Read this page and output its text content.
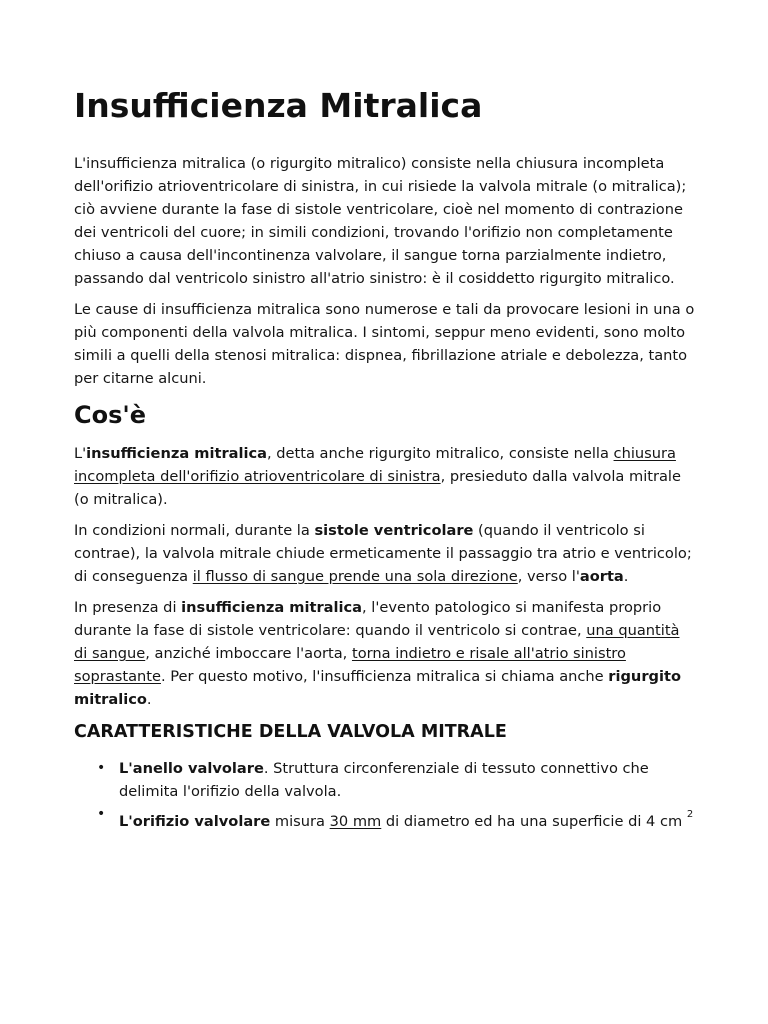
Insufficienza Mitralica

L'insufficienza mitralica (o rigurgito mitralico) consiste nella chiusura incompleta dell'orifizio atrioventricolare di sinistra, in cui risiede la valvola mitrale (o mitralica); ciò avviene durante la fase di sistole ventricolare, cioè nel momento di contrazione dei ventricoli del cuore; in simili condizioni, trovando l'orifizio non completamente chiuso a causa dell'incontinenza valvolare, il sangue torna parzialmente indietro, passando dal ventricolo sinistro all'atrio sinistro: è il cosiddetto rigurgito mitralico.

Le cause di insufficienza mitralica sono numerose e tali da provocare lesioni in una o più componenti della valvola mitralica. I sintomi, seppur meno evidenti, sono molto simili a quelli della stenosi mitralica: dispnea, fibrillazione atriale e debolezza, tanto per citarne alcuni.

Cos'è

L'insufficienza mitralica, detta anche rigurgito mitralico, consiste nella chiusura incompleta dell'orifizio atrioventricolare di sinistra, presieduto dalla valvola mitrale (o mitralica).

In condizioni normali, durante la sistole ventricolare (quando il ventricolo si contrae), la valvola mitrale chiude ermeticamente il passaggio tra atrio e ventricolo; di conseguenza il flusso di sangue prende una sola direzione, verso l'aorta.

In presenza di insufficienza mitralica, l'evento patologico si manifesta proprio durante la fase di sistole ventricolare: quando il ventricolo si contrae, una quantità di sangue, anziché imboccare l'aorta, torna indietro e risale all'atrio sinistro soprastante. Per questo motivo, l'insufficienza mitralica si chiama anche rigurgito mitralico.

CARATTERISTICHE DELLA VALVOLA MITRALE
• L'anello valvolare. Struttura circonferenziale di tessuto connettivo che delimita l'orifizio della valvola.
• L'orifizio valvolare misura 30 mm di diametro ed ha una superficie di 4 cm $^2$
